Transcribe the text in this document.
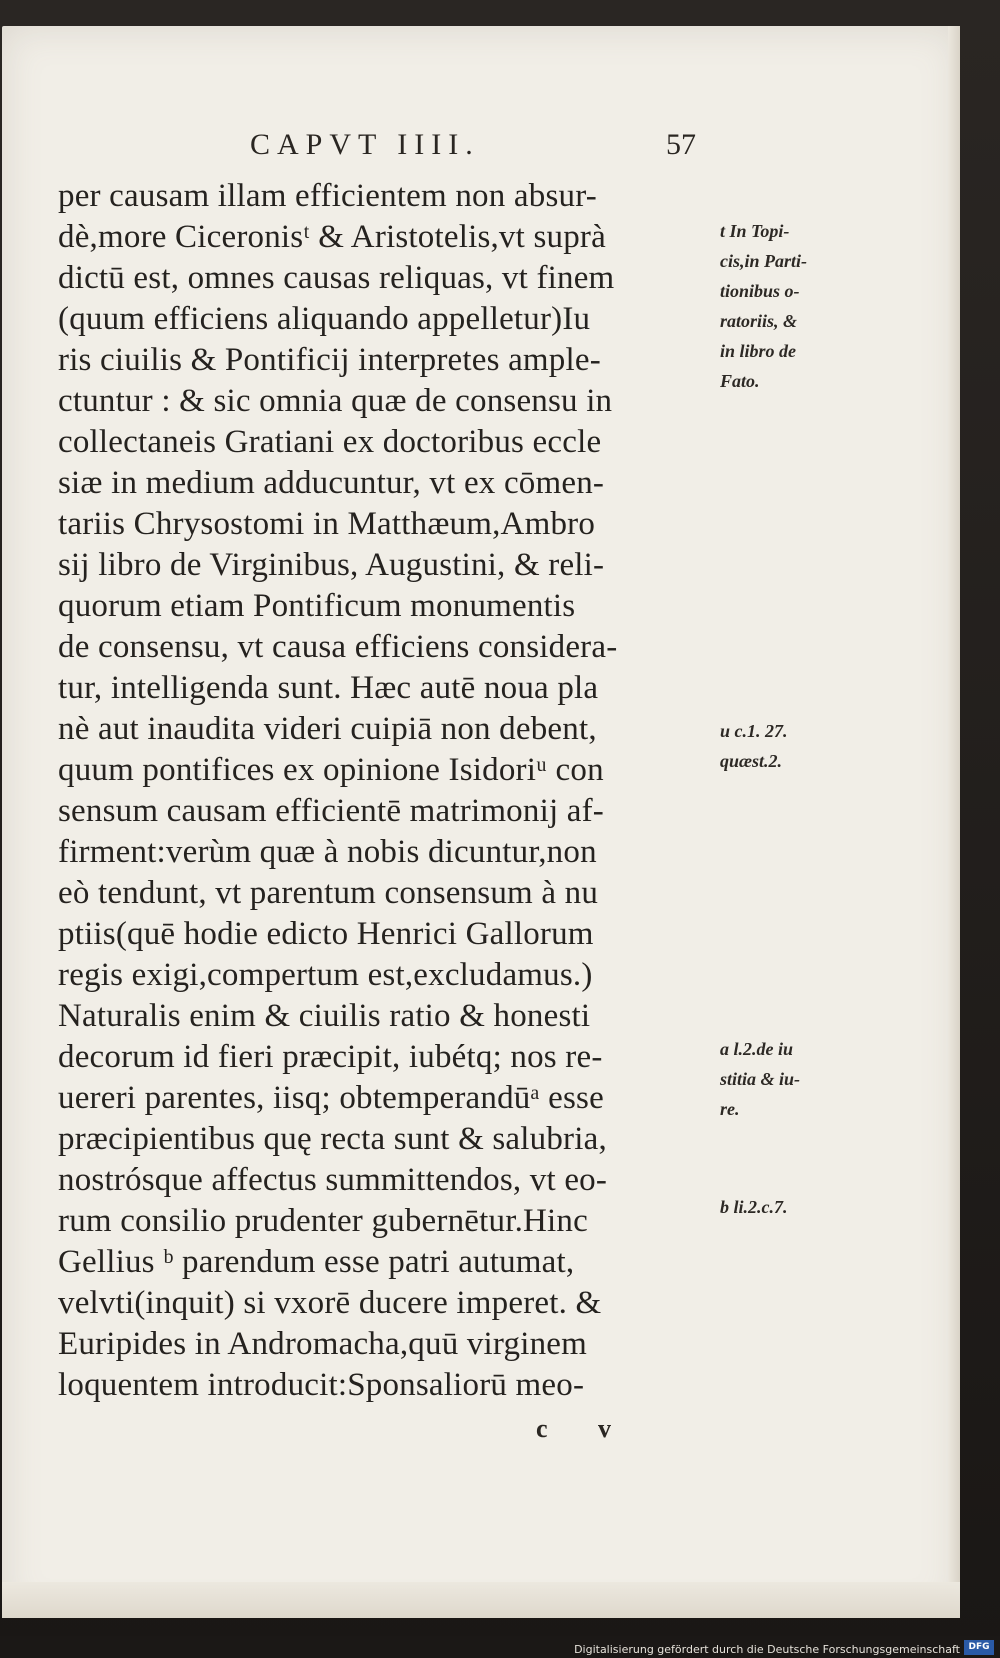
CAPVT IIII.	57
per causam illam efficientem non absur-
dè,more Ciceronisᵗ & Aristotelis,vt suprà
dictū est, omnes causas reliquas, vt finem
(quum efficiens aliquando appelletur)Iu
ris ciuilis & Pontificij interpretes ample-
ctuntur : & sic omnia quæ de consensu in
collectaneis Gratiani ex doctoribus eccle
siæ in medium adducuntur, vt ex cōmen-
tariis Chrysostomi in Matthæum,Ambro
sij libro de Virginibus, Augustini, & reli-
quorum etiam Pontificum monumentis
de consensu, vt causa efficiens considera-
tur, intelligenda sunt. Hæc autē noua pla
nè aut inaudita videri cuipiā non debent,
quum pontifices ex opinione Isidoriᵘ con
sensum causam efficientē matrimonij af-
firment:verùm quæ à nobis dicuntur,non
eò tendunt, vt parentum consensum à nu
ptiis(quē hodie edicto Henrici Gallorum
regis exigi,compertum est,excludamus.)
Naturalis enim & ciuilis ratio & honesti
decorum id fieri præcipit, iubétq; nos re-
uereri parentes, iisq; obtemperandūᵃ esse
præcipientibus quę recta sunt & salubria,
nostrósque affectus summittendos, vt eo-
rum consilio prudenter gubernētur.Hinc
Gellius ᵇ parendum esse patri autumat,
velvti(inquit) si vxorē ducere imperet. &
Euripides in Andromacha,quū virginem
loquentem introducit:Sponsaliorū meo-
t In Topi-
cis,in Parti-
tionibus o-
ratoriis, &
in libro de
Fato.
u c.1. 27.
quæst.2.
a l.2.de iu
stitia & iu-
re.
b li.2.c.7.
c v
Digitalisierung gefördert durch die Deutsche Forschungsgemeinschaft DFG
